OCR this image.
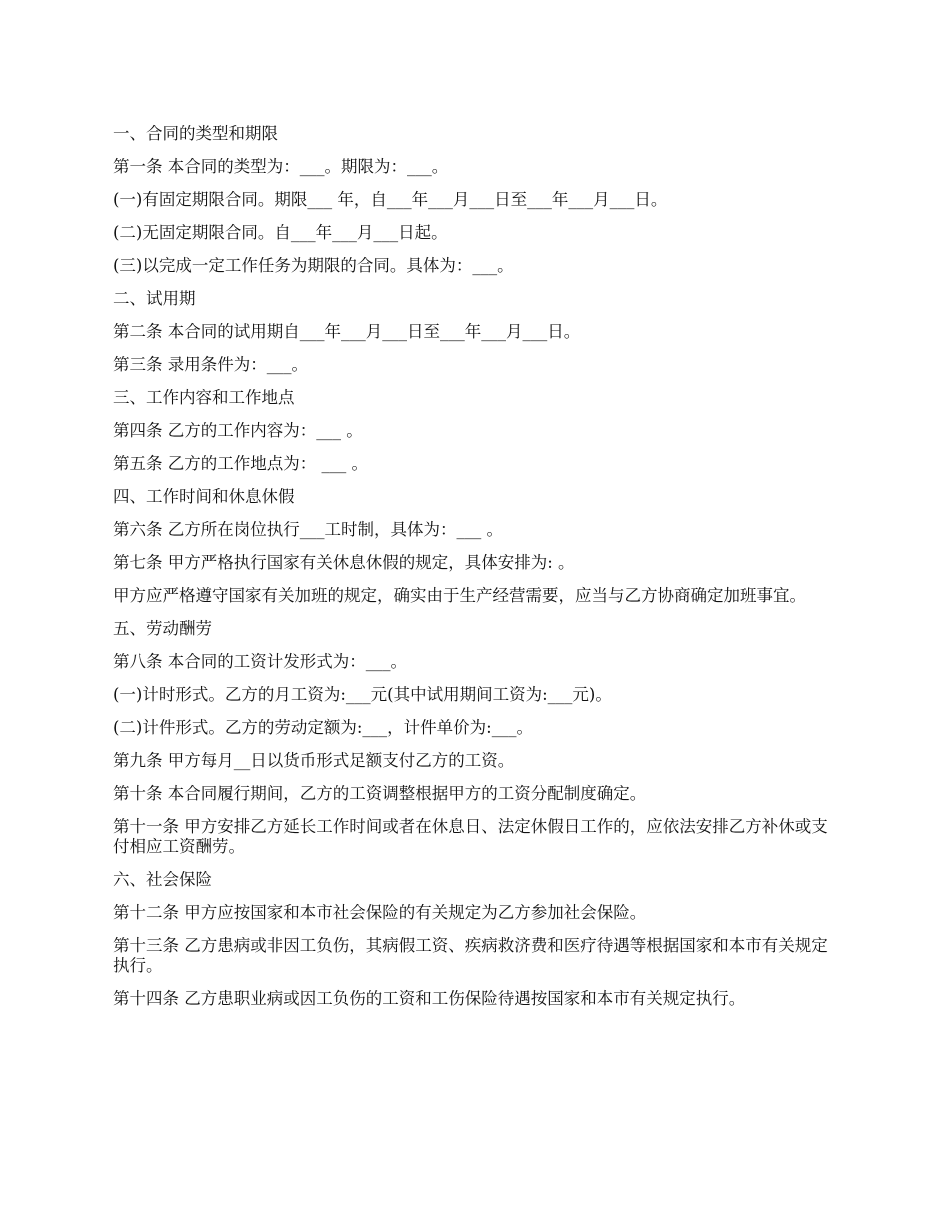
一、合同的类型和期限

第一条 本合同的类型为：___。期限为：___。

(一)有固定期限合同。期限___ 年，自___年___月___日至___年___月___日。

(二)无固定期限合同。自___年___月___日起。

(三)以完成一定工作任务为期限的合同。具体为：___。

二、试用期

第二条 本合同的试用期自___年___月___日至___年___月___日。

第三条 录用条件为：___。

三、工作内容和工作地点

第四条 乙方的工作内容为：___ 。

第五条 乙方的工作地点为： ___ 。

四、工作时间和休息休假

第六条 乙方所在岗位执行___工时制，具体为：___ 。

第七条 甲方严格执行国家有关休息休假的规定，具体安排为: 。

甲方应严格遵守国家有关加班的规定，确实由于生产经营需要，应当与乙方协商确定加班事宜。

五、劳动酬劳

第八条 本合同的工资计发形式为：___。

(一)计时形式。乙方的月工资为:___元(其中试用期间工资为:___元)。

(二)计件形式。乙方的劳动定额为:___，计件单价为:___。

第九条 甲方每月__日以货币形式足额支付乙方的工资。

第十条 本合同履行期间，乙方的工资调整根据甲方的工资分配制度确定。

第十一条 甲方安排乙方延长工作时间或者在休息日、法定休假日工作的，应依法安排乙方补休或支付相应工资酬劳。

六、社会保险

第十二条 甲方应按国家和本市社会保险的有关规定为乙方参加社会保险。

第十三条 乙方患病或非因工负伤，其病假工资、疾病救济费和医疗待遇等根据国家和本市有关规定执行。

第十四条 乙方患职业病或因工负伤的工资和工伤保险待遇按国家和本市有关规定执行。
